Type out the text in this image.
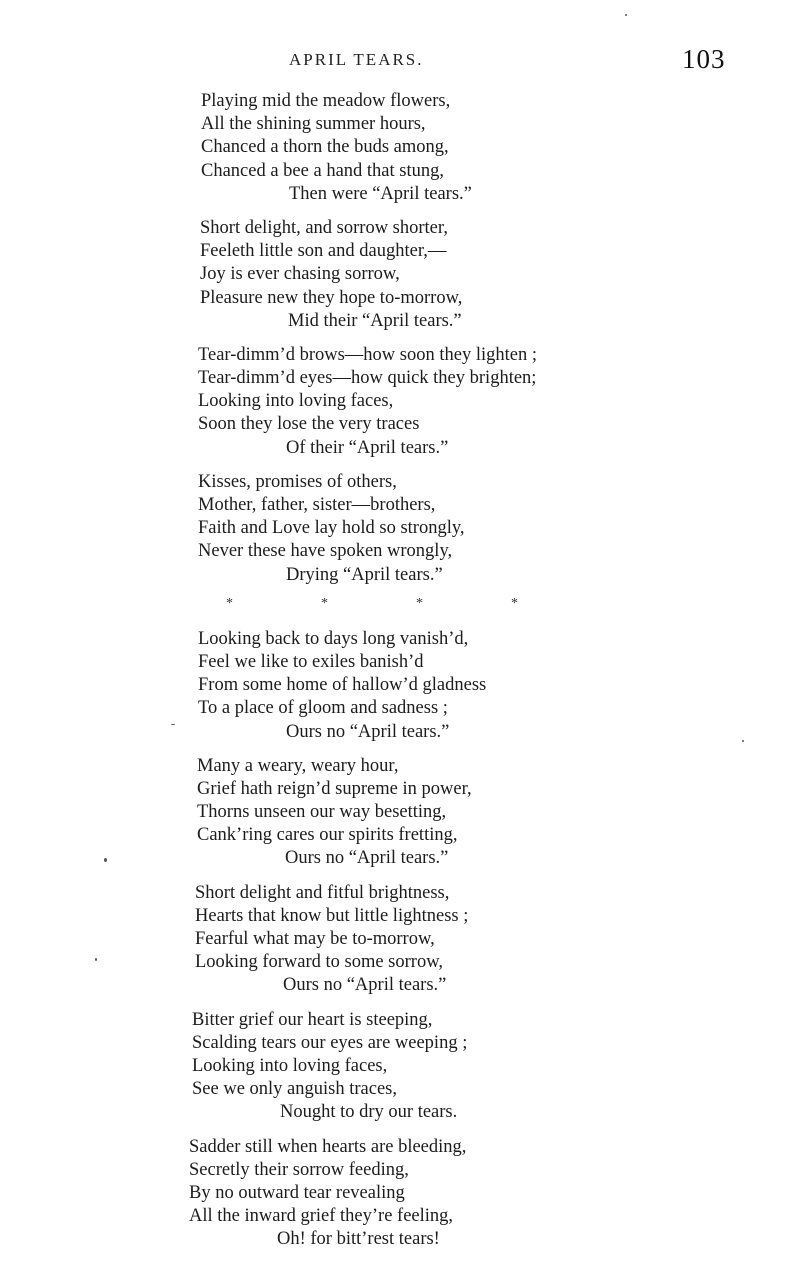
APRIL TEARS.	103
Playing mid the meadow flowers,
All the shining summer hours,
Chanced a thorn the buds among,
Chanced a bee a hand that stung,
Then were “April tears.”
Short delight, and sorrow shorter,
Feeleth little son and daughter,—
Joy is ever chasing sorrow,
Pleasure new they hope to-morrow,
Mid their “April tears.”
Tear-dimm’d brows—how soon they lighten ;
Tear-dimm’d eyes—how quick they brighten;
Looking into loving faces,
Soon they lose the very traces
Of their “April tears.”
Kisses, promises of others,
Mother, father, sister—brothers,
Faith and Love lay hold so strongly,
Never these have spoken wrongly,
Drying “April tears.”
*	*	*	*
Looking back to days long vanish’d,
Feel we like to exiles banish’d
From some home of hallow’d gladness
To a place of gloom and sadness ;
Ours no “April tears.”
Many a weary, weary hour,
Grief hath reign’d supreme in power,
Thorns unseen our way besetting,
Cank’ring cares our spirits fretting,
Ours no “April tears.”
Short delight and fitful brightness,
Hearts that know but little lightness ;
Fearful what may be to-morrow,
Looking forward to some sorrow,
Ours no “April tears.”
Bitter grief our heart is steeping,
Scalding tears our eyes are weeping ;
Looking into loving faces,
See we only anguish traces,
Nought to dry our tears.
Sadder still when hearts are bleeding,
Secretly their sorrow feeding,
By no outward tear revealing
All the inward grief they’re feeling,
Oh! for bitt’rest tears!
